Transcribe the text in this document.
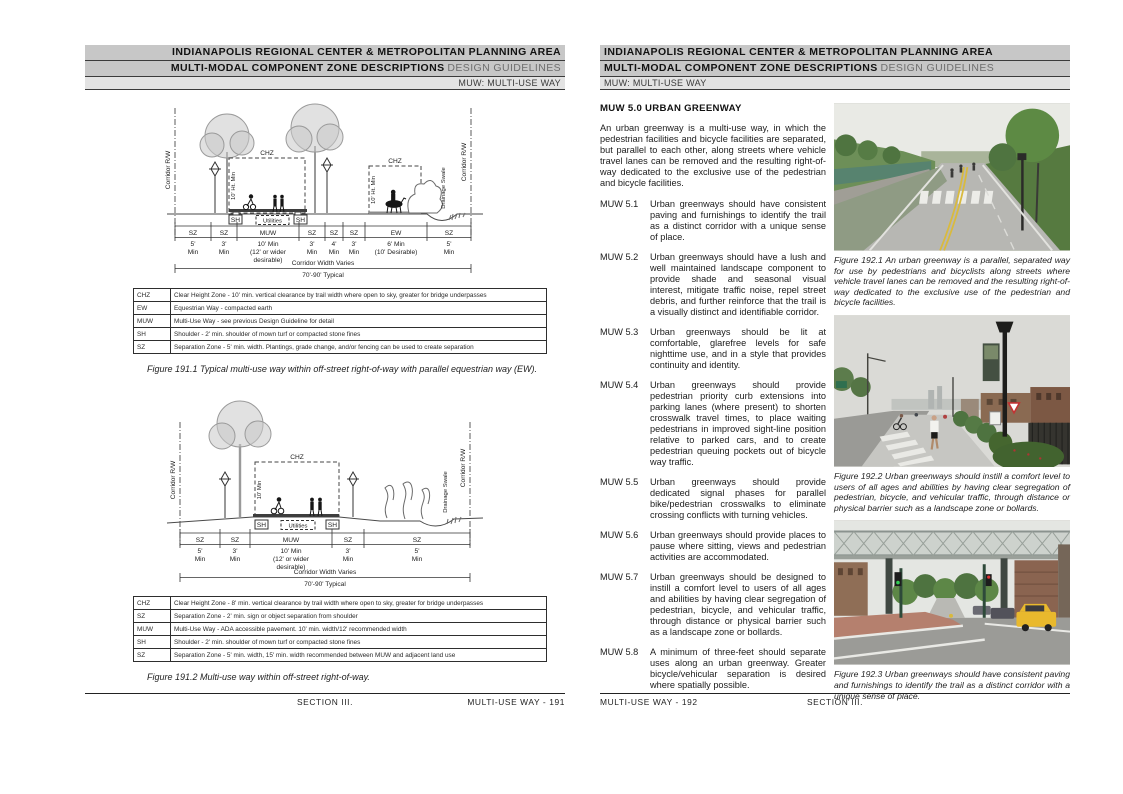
INDIANAPOLIS REGIONAL CENTER & METROPOLITAN PLANNING AREA
MULTI-MODAL COMPONENT ZONE DESCRIPTIONS DESIGN GUIDELINES
MUW: MULTI-USE WAY
Corridor R/W	Corridor R/W
CHZ
10' Ht. Min
CHZ
10' Ht. Min	Drainage Swale
SH	SH
Utilities
SZ	SZ	MUW	SZ SZ SZ	EW	SZ
5'
Min
3'
Min
10' Min
(12' or wider
desirable)
3'
Min
4'
Min
3'
Min
6' Min
(10' Desirable)
5'
Min
Corridor Width Varies
70'-90' Typical
CHZ	Clear Height Zone - 10' min. vertical clearance by trail width where open to sky, greater for bridge underpasses
EW	Equestrian Way - compacted earth
MUW	Multi-Use Way - see previous Design Guideline for detail
SH	Shoulder - 2' min. shoulder of mown turf or compacted stone fines
SZ	Separation Zone - 5' min. width. Plantings, grade change, and/or fencing can be used to create separation
Figure 191.1 Typical multi-use way within off-street right-of-way with parallel equestrian way (EW).
Corridor R/W	Corridor R/W
CHZ
10' Min	Drainage Swale
SH	SH
Utilities
SZ	SZ	MUW	SZ	SZ
5'
Min
3'
Min
10' Min
(12' or wider
desirable)
3'
Min
5'
Min
Corridor Width Varies
70'-90' Typical
CHZ	Clear Height Zone - 8' min. vertical clearance by trail width where open to sky, greater for bridge underpasses
SZ	Separation Zone - 2' min. sign or object separation from shoulder
MUW	Multi-Use Way - ADA accessible pavement. 10' min. width/12' recommended width
SH	Shoulder - 2' min. shoulder of mown turf or compacted stone fines
SZ	Separation Zone - 5' min. width, 15' min. width recommended between MUW and adjacent land use
Figure 191.2 Multi-use way within off-street right-of-way.
SECTION III.	MULTI-USE WAY - 191
INDIANAPOLIS REGIONAL CENTER & METROPOLITAN PLANNING AREA
MULTI-MODAL COMPONENT ZONE DESCRIPTIONS DESIGN GUIDELINES
MUW: MULTI-USE WAY
MUW 5.0 URBAN GREENWAY

An urban greenway is a multi-use way, in which the pedestrian facilities and bicycle facilities are separated, but parallel to each other, along streets where vehicle travel lanes can be removed and the resulting right-of-way dedicated to the exclusive use of the pedestrian and bicycle facilities.

MUW 5.1	Urban greenways should have consistent paving and furnishings to identify the trail as a distinct corridor with a unique sense of place.
MUW 5.2	Urban greenways should have a lush and well maintained landscape component to provide shade and seasonal visual interest, mitigate traffic noise, repel street debris, and further reinforce that the trail is a visually distinct and identifiable corridor.
MUW 5.3	Urban greenways should be lit at comfortable, glarefree levels for safe nighttime use, and in a style that provides continuity and identity.
MUW 5.4	Urban greenways should provide pedestrian priority curb extensions into parking lanes (where present) to shorten crosswalk travel times, to place waiting pedestrians in improved sight-line position relative to parked cars, and to create pedestrian queuing pockets out of bicycle way traffic.
MUW 5.5	Urban greenways should provide dedicated signal phases for parallel bike/pedestrian crosswalks to eliminate crossing conflicts with turning vehicles.
MUW 5.6	Urban greenways should provide places to pause where sitting, views and pedestrian activities are accommodated.
MUW 5.7	Urban greenways should be designed to instill a comfort level to users of all ages and abilities by having clear segregation of pedestrian, bicycle, and vehicular traffic, through distance or physical barrier such as a landscape zone or bollards.
MUW 5.8	A minimum of three-feet should separate uses along an urban greenway. Greater bicycle/vehicular separation is desired where spatially possible.

Figure 192.1 An urban greenway is a parallel, separated way for use by pedestrians and bicyclists along streets where vehicle travel lanes can be removed and the resulting right-of-way dedicated to the exclusive use of the pedestrian and bicycle facilities.

Figure 192.2 Urban greenways should instill a comfort level to users of all ages and abilities by having clear segregation of pedestrian, bicycle, and vehicular traffic, through distance or physical barrier such as a landscape zone or bollards.

Figure 192.3 Urban greenways should have consistent paving and furnishings to identify the trail as a distinct corridor with a unique sense of place.

MULTI-USE WAY - 192	SECTION III.
